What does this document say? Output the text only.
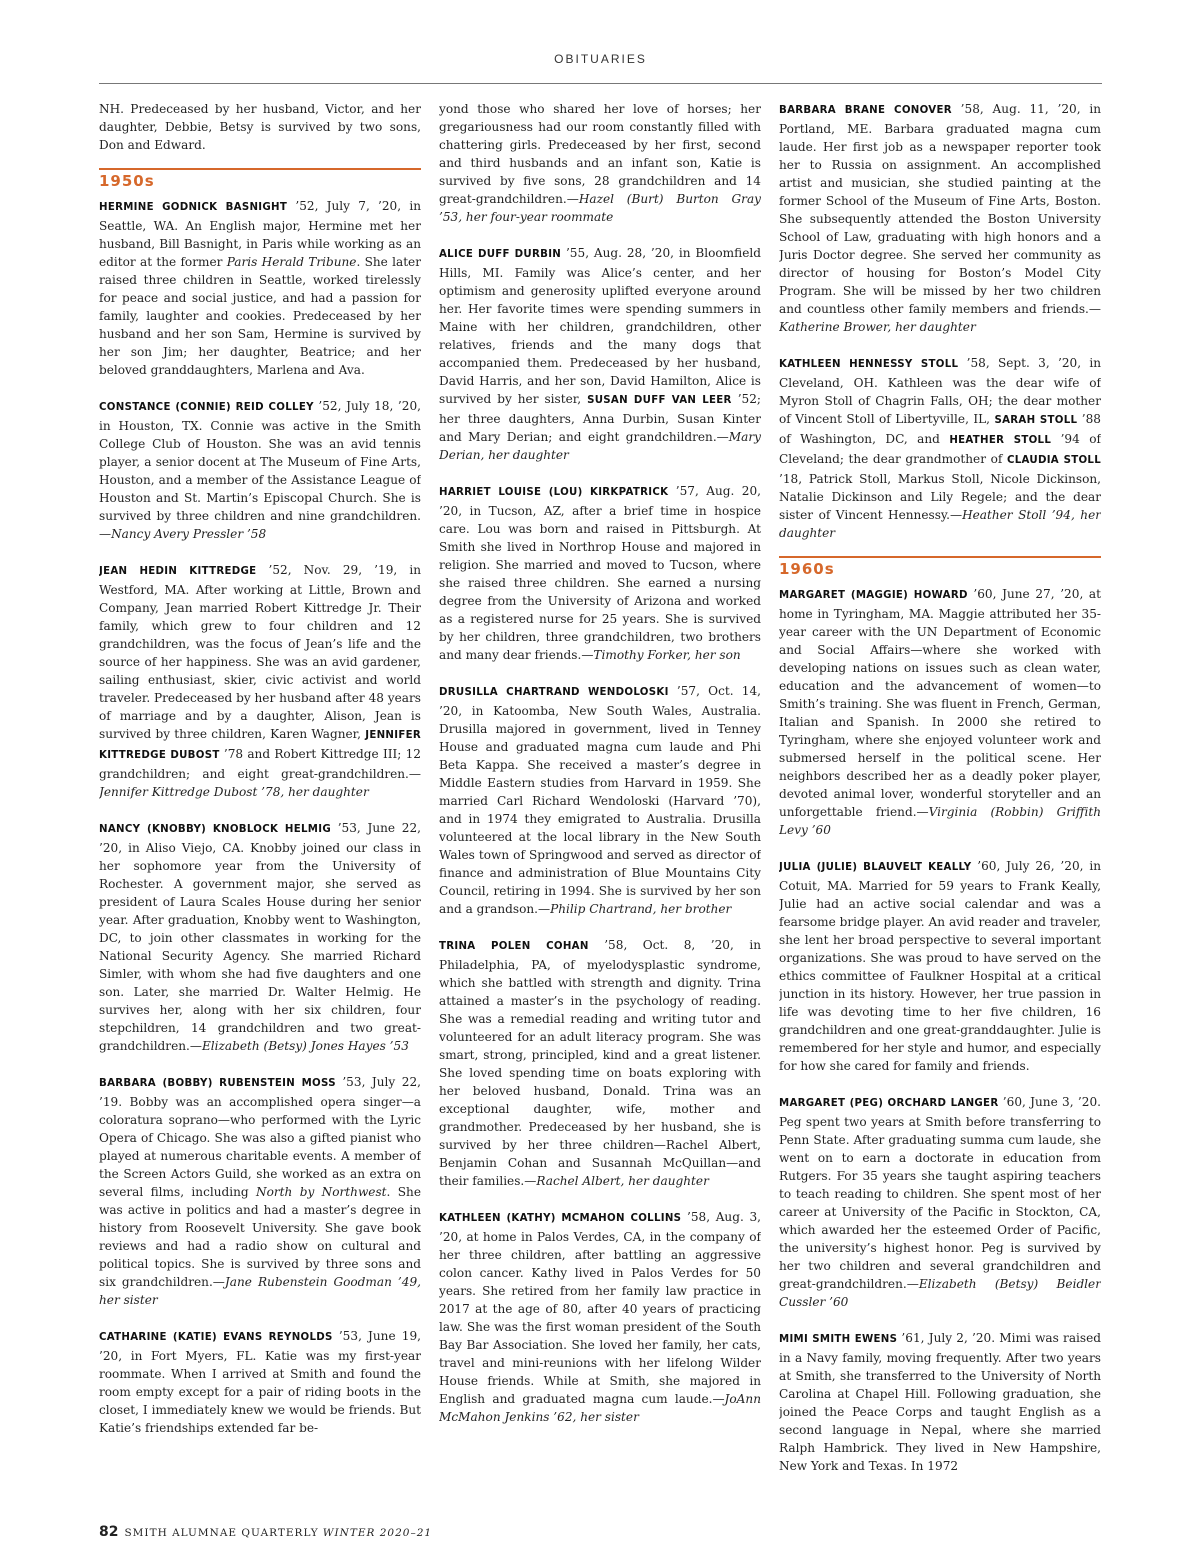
OBITUARIES

NH. Predeceased by her husband, Victor, and her daughter, Debbie, Betsy is survived by two sons, Don and Edward.

1950s

HERMINE GODNICK BASNIGHT ’52, July 7, ’20, in Seattle, WA. An English major, Hermine met her husband, Bill Basnight, in Paris while working as an editor at the former Paris Herald Tribune. She later raised three children in Seattle, worked tirelessly for peace and social justice, and had a passion for family, laughter and cookies. Predeceased by her husband and her son Sam, Hermine is survived by her son Jim; her daughter, Beatrice; and her beloved granddaughters, Marlena and Ava.

CONSTANCE (CONNIE) REID COLLEY ’52, July 18, ’20, in Houston, TX. Connie was active in the Smith College Club of Houston. She was an avid tennis player, a senior docent at The Museum of Fine Arts, Houston, and a member of the Assistance League of Houston and St. Martin’s Episcopal Church. She is survived by three children and nine grandchildren.—Nancy Avery Pressler ’58

JEAN HEDIN KITTREDGE ’52, Nov. 29, ’19, in Westford, MA. After working at Little, Brown and Company, Jean married Robert Kittredge Jr. Their family, which grew to four children and 12 grandchildren, was the focus of Jean’s life and the source of her happiness. She was an avid gardener, sailing enthusiast, skier, civic activist and world traveler. Predeceased by her husband after 48 years of marriage and by a daughter, Alison, Jean is survived by three children, Karen Wagner, JENNIFER KITTREDGE DUBOST ’78 and Robert Kittredge III; 12 grandchildren; and eight great-grandchildren.—Jennifer Kittredge Dubost ’78, her daughter

NANCY (KNOBBY) KNOBLOCK HELMIG ’53, June 22, ’20, in Aliso Viejo, CA. Knobby joined our class in her sophomore year from the University of Rochester. A government major, she served as president of Laura Scales House during her senior year. After graduation, Knobby went to Washington, DC, to join other classmates in working for the National Security Agency. She married Richard Simler, with whom she had five daughters and one son. Later, she married Dr. Walter Helmig. He survives her, along with her six children, four stepchildren, 14 grandchildren and two great-grandchildren.—Elizabeth (Betsy) Jones Hayes ’53

BARBARA (BOBBY) RUBENSTEIN MOSS ’53, July 22, ’19. Bobby was an accomplished opera singer—a coloratura soprano—who performed with the Lyric Opera of Chicago. She was also a gifted pianist who played at numerous charitable events. A member of the Screen Actors Guild, she worked as an extra on several films, including North by Northwest. She was active in politics and had a master’s degree in history from Roosevelt University. She gave book reviews and had a radio show on cultural and political topics. She is survived by three sons and six grandchildren.—Jane Rubenstein Goodman ’49, her sister

CATHARINE (KATIE) EVANS REYNOLDS ’53, June 19, ’20, in Fort Myers, FL. Katie was my first-year roommate. When I arrived at Smith and found the room empty except for a pair of riding boots in the closet, I immediately knew we would be friends. But Katie’s friendships extended far be-

yond those who shared her love of horses; her gregariousness had our room constantly filled with chattering girls. Predeceased by her first, second and third husbands and an infant son, Katie is survived by five sons, 28 grandchildren and 14 great-grandchildren.—Hazel (Burt) Burton Gray ’53, her four-year roommate

ALICE DUFF DURBIN ’55, Aug. 28, ’20, in Bloomfield Hills, MI. Family was Alice’s center, and her optimism and generosity uplifted everyone around her. Her favorite times were spending summers in Maine with her children, grandchildren, other relatives, friends and the many dogs that accompanied them. Predeceased by her husband, David Harris, and her son, David Hamilton, Alice is survived by her sister, SUSAN DUFF VAN LEER ’52; her three daughters, Anna Durbin, Susan Kinter and Mary Derian; and eight grandchildren.—Mary Derian, her daughter

HARRIET LOUISE (LOU) KIRKPATRICK ’57, Aug. 20, ’20, in Tucson, AZ, after a brief time in hospice care. Lou was born and raised in Pittsburgh. At Smith she lived in Northrop House and majored in religion. She married and moved to Tucson, where she raised three children. She earned a nursing degree from the University of Arizona and worked as a registered nurse for 25 years. She is survived by her children, three grandchildren, two brothers and many dear friends.—Timothy Forker, her son

DRUSILLA CHARTRAND WENDOLOSKI ’57, Oct. 14, ’20, in Katoomba, New South Wales, Australia. Drusilla majored in government, lived in Tenney House and graduated magna cum laude and Phi Beta Kappa. She received a master’s degree in Middle Eastern studies from Harvard in 1959. She married Carl Richard Wendoloski (Harvard ’70), and in 1974 they emigrated to Australia. Drusilla volunteered at the local library in the New South Wales town of Springwood and served as director of finance and administration of Blue Mountains City Council, retiring in 1994. She is survived by her son and a grandson.—Philip Chartrand, her brother

TRINA POLEN COHAN ’58, Oct. 8, ’20, in Philadelphia, PA, of myelodysplastic syndrome, which she battled with strength and dignity. Trina attained a master’s in the psychology of reading. She was a remedial reading and writing tutor and volunteered for an adult literacy program. She was smart, strong, principled, kind and a great listener. She loved spending time on boats exploring with her beloved husband, Donald. Trina was an exceptional daughter, wife, mother and grandmother. Predeceased by her husband, she is survived by her three children—Rachel Albert, Benjamin Cohan and Susannah McQuillan—and their families.—Rachel Albert, her daughter

KATHLEEN (KATHY) MCMAHON COLLINS ’58, Aug. 3, ’20, at home in Palos Verdes, CA, in the company of her three children, after battling an aggressive colon cancer. Kathy lived in Palos Verdes for 50 years. She retired from her family law practice in 2017 at the age of 80, after 40 years of practicing law. She was the first woman president of the South Bay Bar Association. She loved her family, her cats, travel and mini-reunions with her lifelong Wilder House friends. While at Smith, she majored in English and graduated magna cum laude.—JoAnn McMahon Jenkins ’62, her sister

BARBARA BRANE CONOVER ’58, Aug. 11, ’20, in Portland, ME. Barbara graduated magna cum laude. Her first job as a newspaper reporter took her to Russia on assignment. An accomplished artist and musician, she studied painting at the former School of the Museum of Fine Arts, Boston. She subsequently attended the Boston University School of Law, graduating with high honors and a Juris Doctor degree. She served her community as director of housing for Boston’s Model City Program. She will be missed by her two children and countless other family members and friends.—Katherine Brower, her daughter

KATHLEEN HENNESSY STOLL ’58, Sept. 3, ’20, in Cleveland, OH. Kathleen was the dear wife of Myron Stoll of Chagrin Falls, OH; the dear mother of Vincent Stoll of Libertyville, IL, SARAH STOLL ’88 of Washington, DC, and HEATHER STOLL ’94 of Cleveland; the dear grandmother of CLAUDIA STOLL ’18, Patrick Stoll, Markus Stoll, Nicole Dickinson, Natalie Dickinson and Lily Regele; and the dear sister of Vincent Hennessy.—Heather Stoll ’94, her daughter

1960s

MARGARET (MAGGIE) HOWARD ’60, June 27, ’20, at home in Tyringham, MA. Maggie attributed her 35-year career with the UN Department of Economic and Social Affairs—where she worked with developing nations on issues such as clean water, education and the advancement of women—to Smith’s training. She was fluent in French, German, Italian and Spanish. In 2000 she retired to Tyringham, where she enjoyed volunteer work and submersed herself in the political scene. Her neighbors described her as a deadly poker player, devoted animal lover, wonderful storyteller and an unforgettable friend.—Virginia (Robbin) Griffith Levy ’60

JULIA (JULIE) BLAUVELT KEALLY ’60, July 26, ’20, in Cotuit, MA. Married for 59 years to Frank Keally, Julie had an active social calendar and was a fearsome bridge player. An avid reader and traveler, she lent her broad perspective to several important organizations. She was proud to have served on the ethics committee of Faulkner Hospital at a critical junction in its history. However, her true passion in life was devoting time to her five children, 16 grandchildren and one great-granddaughter. Julie is remembered for her style and humor, and especially for how she cared for family and friends.

MARGARET (PEG) ORCHARD LANGER ’60, June 3, ’20. Peg spent two years at Smith before transferring to Penn State. After graduating summa cum laude, she went on to earn a doctorate in education from Rutgers. For 35 years she taught aspiring teachers to teach reading to children. She spent most of her career at University of the Pacific in Stockton, CA, which awarded her the esteemed Order of Pacific, the university’s highest honor. Peg is survived by her two children and several grandchildren and great-grandchildren.—Elizabeth (Betsy) Beidler Cussler ’60

MIMI SMITH EWENS ’61, July 2, ’20. Mimi was raised in a Navy family, moving frequently. After two years at Smith, she transferred to the University of North Carolina at Chapel Hill. Following graduation, she joined the Peace Corps and taught English as a second language in Nepal, where she married Ralph Hambrick. They lived in New Hampshire, New York and Texas. In 1972

82 SMITH ALUMNAE QUARTERLY WINTER 2020–21
